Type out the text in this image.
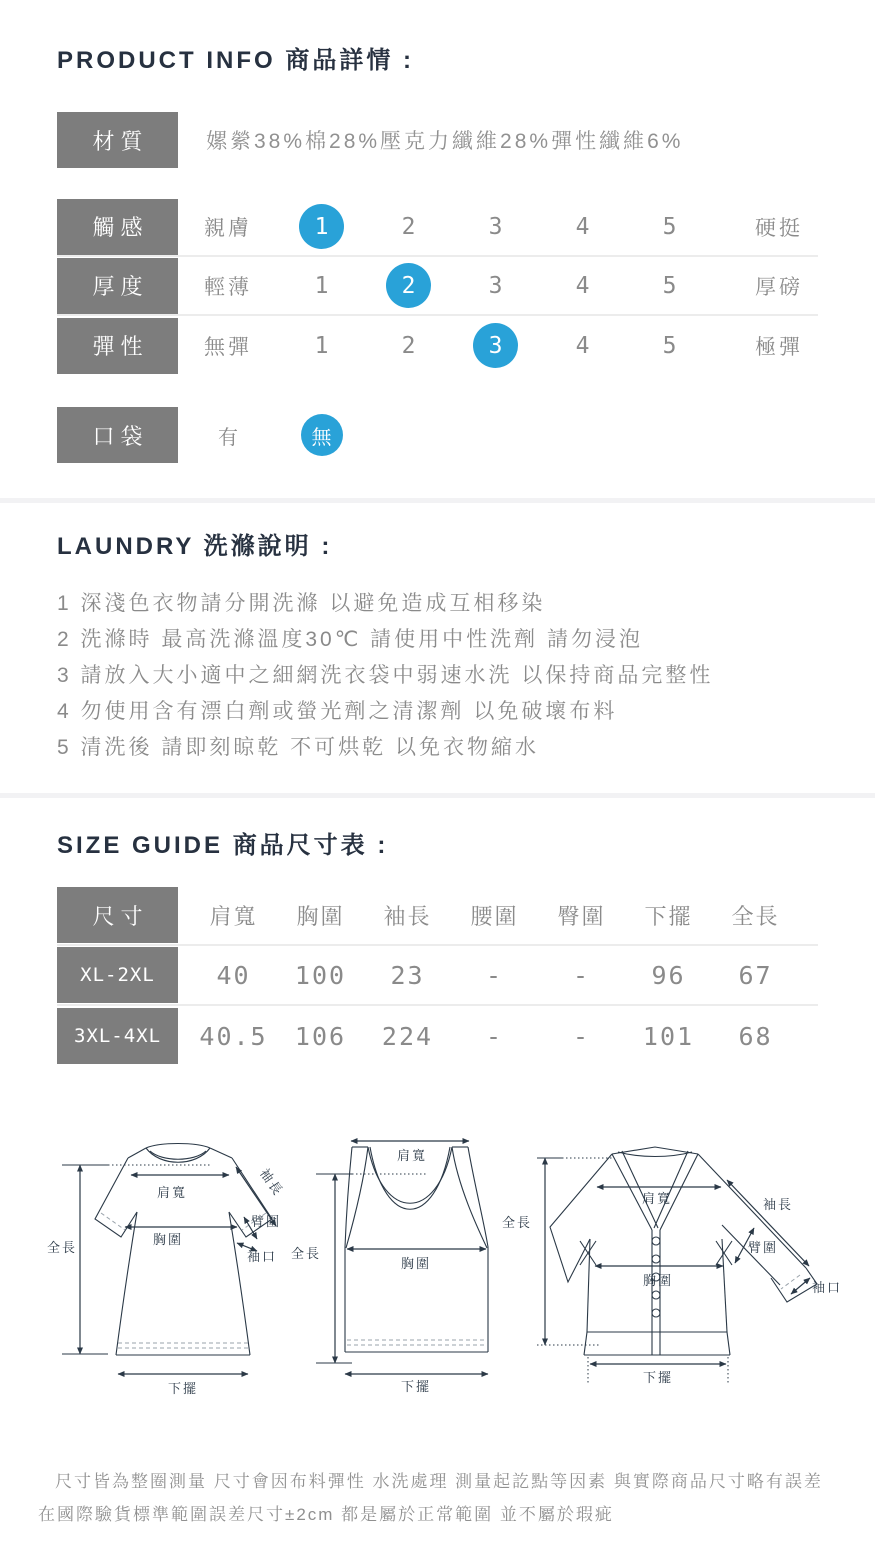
PRODUCT INFO 商品詳情 :
材質	嫘縈38%棉28%壓克力纖維28%彈性纖維6%
觸感	親膚	1	2	3	4	5	硬挺
厚度	輕薄	1	2	3	4	5	厚磅
彈性	無彈	1	2	3	4	5	極彈
口袋	有	無
LAUNDRY 洗滌說明 :
1 深淺色衣物請分開洗滌 以避免造成互相移染
2 洗滌時 最高洗滌溫度30℃ 請使用中性洗劑 請勿浸泡
3 請放入大小適中之細網洗衣袋中弱速水洗 以保持商品完整性
4 勿使用含有漂白劑或螢光劑之清潔劑 以免破壞布料
5 清洗後 請即刻晾乾 不可烘乾 以免衣物縮水
SIZE GUIDE 商品尺寸表 :
尺寸	肩寬	胸圍	袖長	腰圍	臀圍	下擺	全長
XL-2XL	40	100	23	-	-	96	67
3XL-4XL	40.5	106	224	-	-	101	68
全長
肩寬
胸圍
袖長
臂圍
袖口
下擺
肩寬
全長
胸圍
下擺
全長
肩寬	袖長
臂圍
胸圍	袖口
下擺
尺寸皆為整圈測量 尺寸會因布料彈性 水洗處理 測量起訖點等因素 與實際商品尺寸略有誤差
在國際驗貨標準範圍誤差尺寸±2cm 都是屬於正常範圍 並不屬於瑕疵
